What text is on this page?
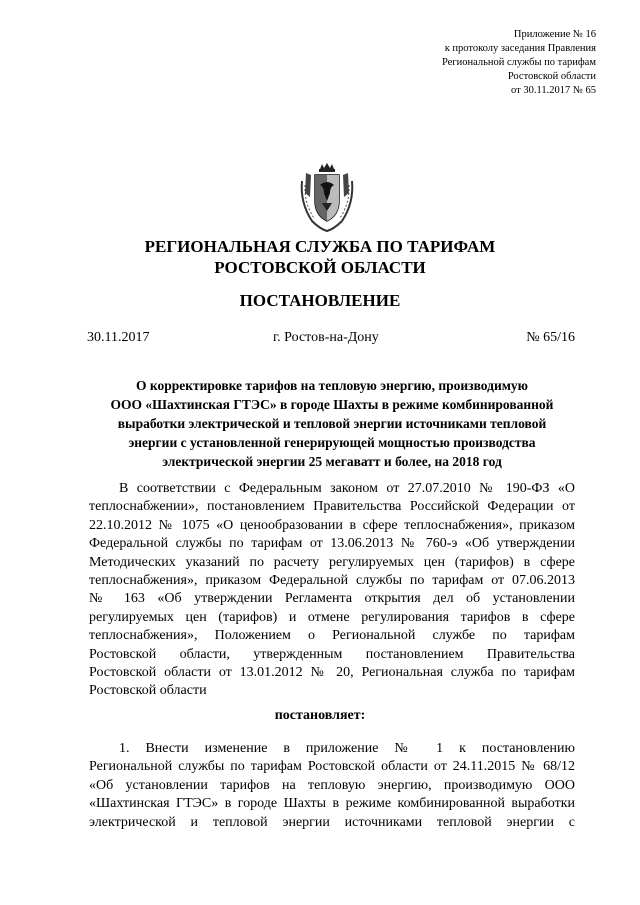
Приложение № 16
к протоколу заседания Правления
Региональной службы по тарифам
Ростовской области
от 30.11.2017 № 65
РЕГИОНАЛЬНАЯ СЛУЖБА ПО ТАРИФАМ
РОСТОВСКОЙ ОБЛАСТИ
ПОСТАНОВЛЕНИЕ
30.11.2017	г. Ростов-на-Дону	№ 65/16
О корректировке тарифов на тепловую энергию, производимую
ООО «Шахтинская ГТЭС» в городе Шахты в режиме комбинированной
выработки электрической и тепловой энергии источниками тепловой
энергии с установленной генерирующей мощностью производства
электрической энергии 25 мегаватт и более, на 2018 год
В соответствии с Федеральным законом от 27.07.2010 № 190-ФЗ «О
теплоснабжении», постановлением Правительства Российской Федерации от
22.10.2012 № 1075 «О ценообразовании в сфере теплоснабжения», приказом
Федеральной службы по тарифам от 13.06.2013 № 760-э «Об утверждении
Методических указаний по расчету регулируемых цен (тарифов) в сфере
теплоснабжения», приказом Федеральной службы по тарифам от 07.06.2013
№ 163 «Об утверждении Регламента открытия дел об установлении
регулируемых цен (тарифов) и отмене регулирования тарифов в сфере
теплоснабжения», Положением о Региональной службе по тарифам
Ростовской области, утвержденным постановлением Правительства
Ростовской области от 13.01.2012 № 20, Региональная служба по тарифам
Ростовской области
постановляет:
1. Внести изменение в приложение № 1 к постановлению
Региональной службы по тарифам Ростовской области от 24.11.2015 № 68/12
«Об установлении тарифов на тепловую энергию, производимую ООО
«Шахтинская ГТЭС» в городе Шахты в режиме комбинированной выработки
электрической и тепловой энергии источниками тепловой энергии с
